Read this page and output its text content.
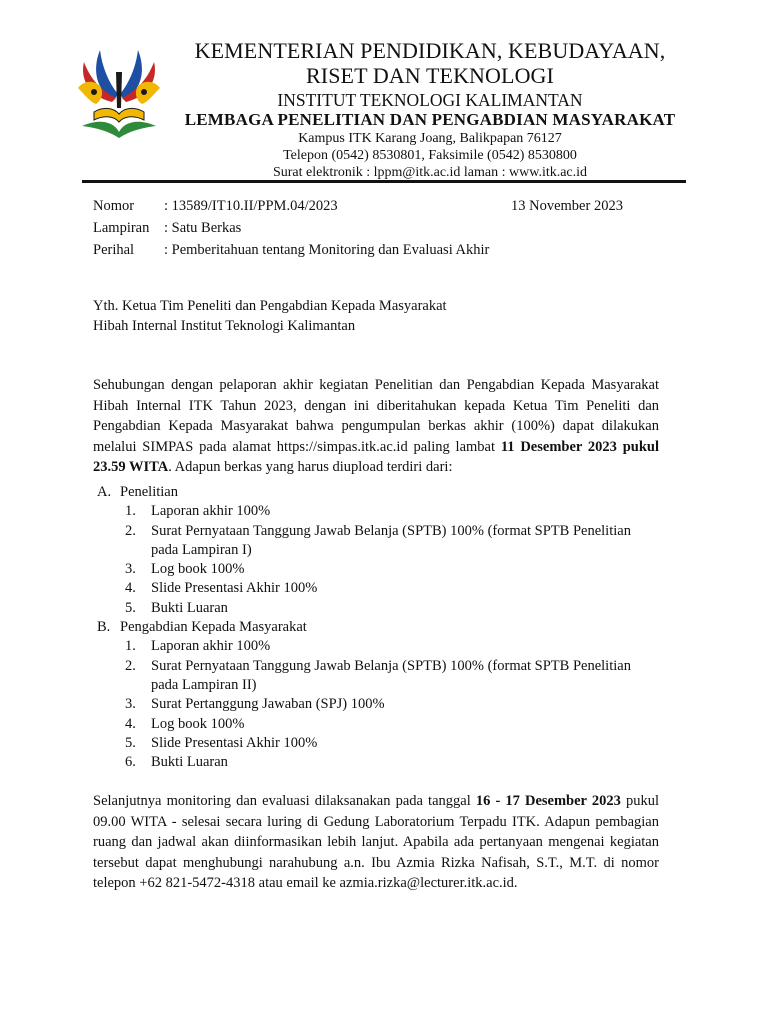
KEMENTERIAN PENDIDIKAN, KEBUDAYAAN,
RISET DAN TEKNOLOGI
INSTITUT TEKNOLOGI KALIMANTAN
LEMBAGA PENELITIAN DAN PENGABDIAN MASYARAKAT
Kampus ITK Karang Joang, Balikpapan 76127
Telepon (0542) 8530801, Faksimile (0542) 8530800
Surat elektronik : lppm@itk.ac.id laman : www.itk.ac.id
Nomor : 13589/IT10.II/PPM.04/2023	13 November 2023
Lampiran : Satu Berkas
Perihal : Pemberitahuan tentang Monitoring dan Evaluasi Akhir
Yth. Ketua Tim Peneliti dan Pengabdian Kepada Masyarakat
Hibah Internal Institut Teknologi Kalimantan
Sehubungan dengan pelaporan akhir kegiatan Penelitian dan Pengabdian Kepada Masyarakat Hibah Internal ITK Tahun 2023, dengan ini diberitahukan kepada Ketua Tim Peneliti dan Pengabdian Kepada Masyarakat bahwa pengumpulan berkas akhir (100%) dapat dilakukan melalui SIMPAS pada alamat https://simpas.itk.ac.id paling lambat 11 Desember 2023 pukul 23.59 WITA. Adapun berkas yang harus diupload terdiri dari:
A. Penelitian
1. Laporan akhir 100%
2. Surat Pernyataan Tanggung Jawab Belanja (SPTB) 100% (format SPTB Penelitian pada Lampiran I)
3. Log book 100%
4. Slide Presentasi Akhir 100%
5. Bukti Luaran
B. Pengabdian Kepada Masyarakat
1. Laporan akhir 100%
2. Surat Pernyataan Tanggung Jawab Belanja (SPTB) 100% (format SPTB Penelitian pada Lampiran II)
3. Surat Pertanggung Jawaban (SPJ) 100%
4. Log book 100%
5. Slide Presentasi Akhir 100%
6. Bukti Luaran
Selanjutnya monitoring dan evaluasi dilaksanakan pada tanggal 16 - 17 Desember 2023 pukul 09.00 WITA - selesai secara luring di Gedung Laboratorium Terpadu ITK. Adapun pembagian ruang dan jadwal akan diinformasikan lebih lanjut. Apabila ada pertanyaan mengenai kegiatan tersebut dapat menghubungi narahubung a.n. Ibu Azmia Rizka Nafisah, S.T., M.T. di nomor telepon +62 821-5472-4318 atau email ke azmia.rizka@lecturer.itk.ac.id.
